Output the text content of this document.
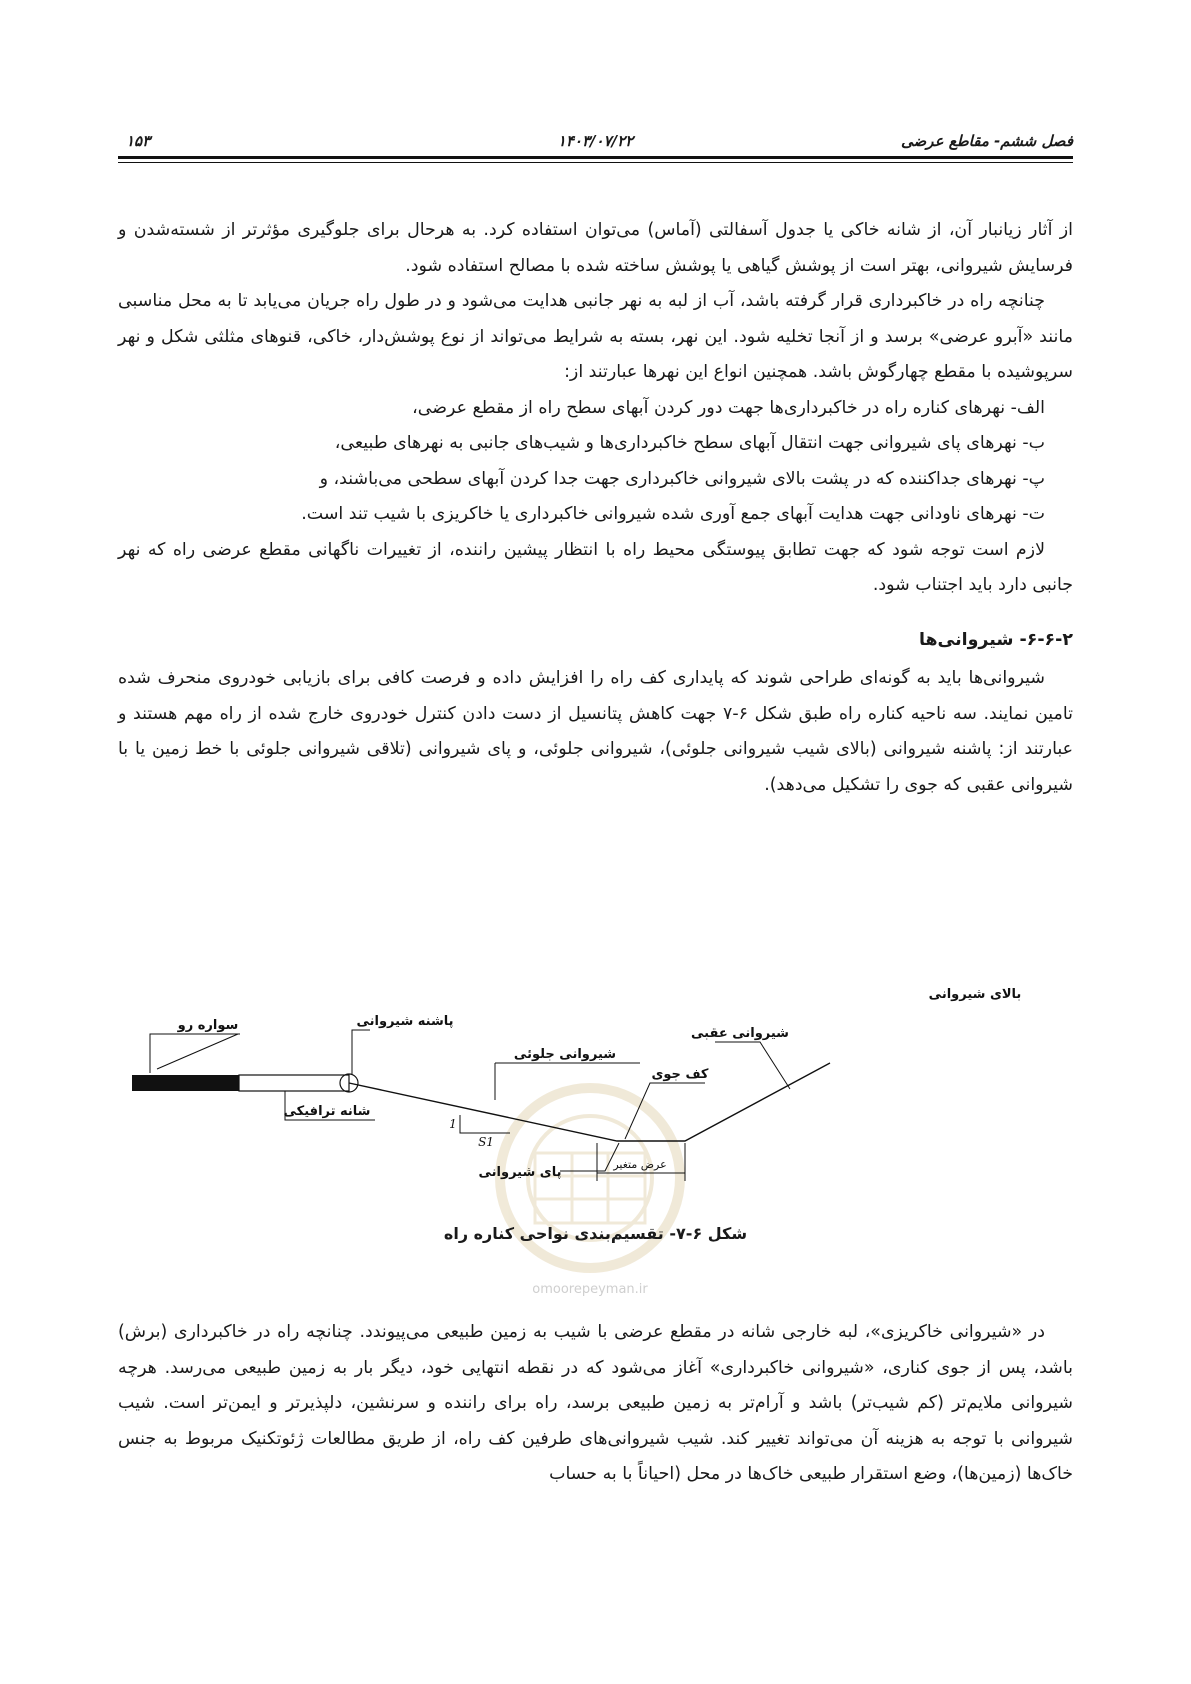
فصل ششم- مقاطع عرضی
۱۴۰۳/۰۷/۲۲
۱۵۳

از آثار زیانبار آن، از شانه خاکی یا جدول آسفالتی (آماس) می‌توان استفاده کرد. به هرحال برای جلوگیری مؤثرتر از شسته‌شدن و فرسایش شیروانی، بهتر است از پوشش گیاهی یا پوشش ساخته شده با مصالح استفاده شود.

چنانچه راه در خاکبرداری قرار گرفته باشد، آب از لبه به نهر جانبی هدایت می‌شود و در طول راه جریان می‌یابد تا به محل مناسبی مانند «آبرو عرضی» برسد و از آنجا تخلیه شود. این نهر، بسته به شرایط می‌تواند از نوع پوشش‌دار، خاکی، قنوهای مثلثی شکل و نهر سرپوشیده با مقطع چهارگوش باشد. همچنین انواع این نهرها عبارتند از:

الف- نهرهای کناره راه در خاکبرداری‌ها جهت دور کردن آبهای سطح راه از مقطع عرضی،

ب- نهرهای پای شیروانی جهت انتقال آبهای سطح خاکبرداری‌ها و شیب‌های جانبی به نهرهای طبیعی،

پ- نهرهای جداکننده که در پشت بالای شیروانی خاکبرداری جهت جدا کردن آبهای سطحی می‌باشند، و

ت- نهرهای ناودانی جهت هدایت آبهای جمع آوری شده شیروانی خاکبرداری یا خاکریزی با شیب تند است.

لازم است توجه شود که جهت تطابق پیوستگی محیط راه با انتظار پیشین راننده، از تغییرات ناگهانی مقطع عرضی راه که نهر جانبی دارد باید اجتناب شود.

۶-۶-۲- شیروانی‌ها

شیروانی‌ها باید به گونه‌ای طراحی شوند که پایداری کف راه را افزایش داده و فرصت کافی برای بازیابی خودروی منحرف شده تامین نمایند. سه ناحیه کناره راه طبق شکل ۶-۷ جهت کاهش پتانسیل از دست دادن کنترل خودروی خارج شده از راه مهم هستند و عبارتند از: پاشنه شیروانی (بالای شیب شیروانی جلوئی)، شیروانی جلوئی، و پای شیروانی (تلاقی شیروانی جلوئی با خط زمین یا با شیروانی عقبی که جوی را تشکیل می‌دهد).

بالای شیروانی
سواره رو	پاشنه شیروانی
شیروانی عقبی
شیروانی جلوئی
کف جوی
شانه ترافیکی
پای شیروانی
1
S1
عرض متغیر
omoorepeyman.ir
شکل ۶-۷- تقسیم‌بندی نواحی کناره راه

در «شیروانی خاکریزی»، لبه خارجی شانه در مقطع عرضی با شیب به زمین طبیعی می‌پیوندد. چنانچه راه در خاکبرداری (برش) باشد، پس از جوی کناری، «شیروانی خاکبرداری» آغاز می‌شود که در نقطه انتهایی خود، دیگر بار به زمین طبیعی می‌رسد. هرچه شیروانی ملایم‌تر (کم شیب‌تر) باشد و آرام‌تر به زمین طبیعی برسد، راه برای راننده و سرنشین، دلپذیرتر و ایمن‌تر است. شیب شیروانی با توجه به هزینه آن می‌تواند تغییر کند. شیب شیروانی‌های طرفین کف راه، از طریق مطالعات ژئوتکنیک مربوط به جنس خاک‌ها (زمین‌ها)، وضع استقرار طبیعی خاک‌ها در محل (احیاناً با به حساب
